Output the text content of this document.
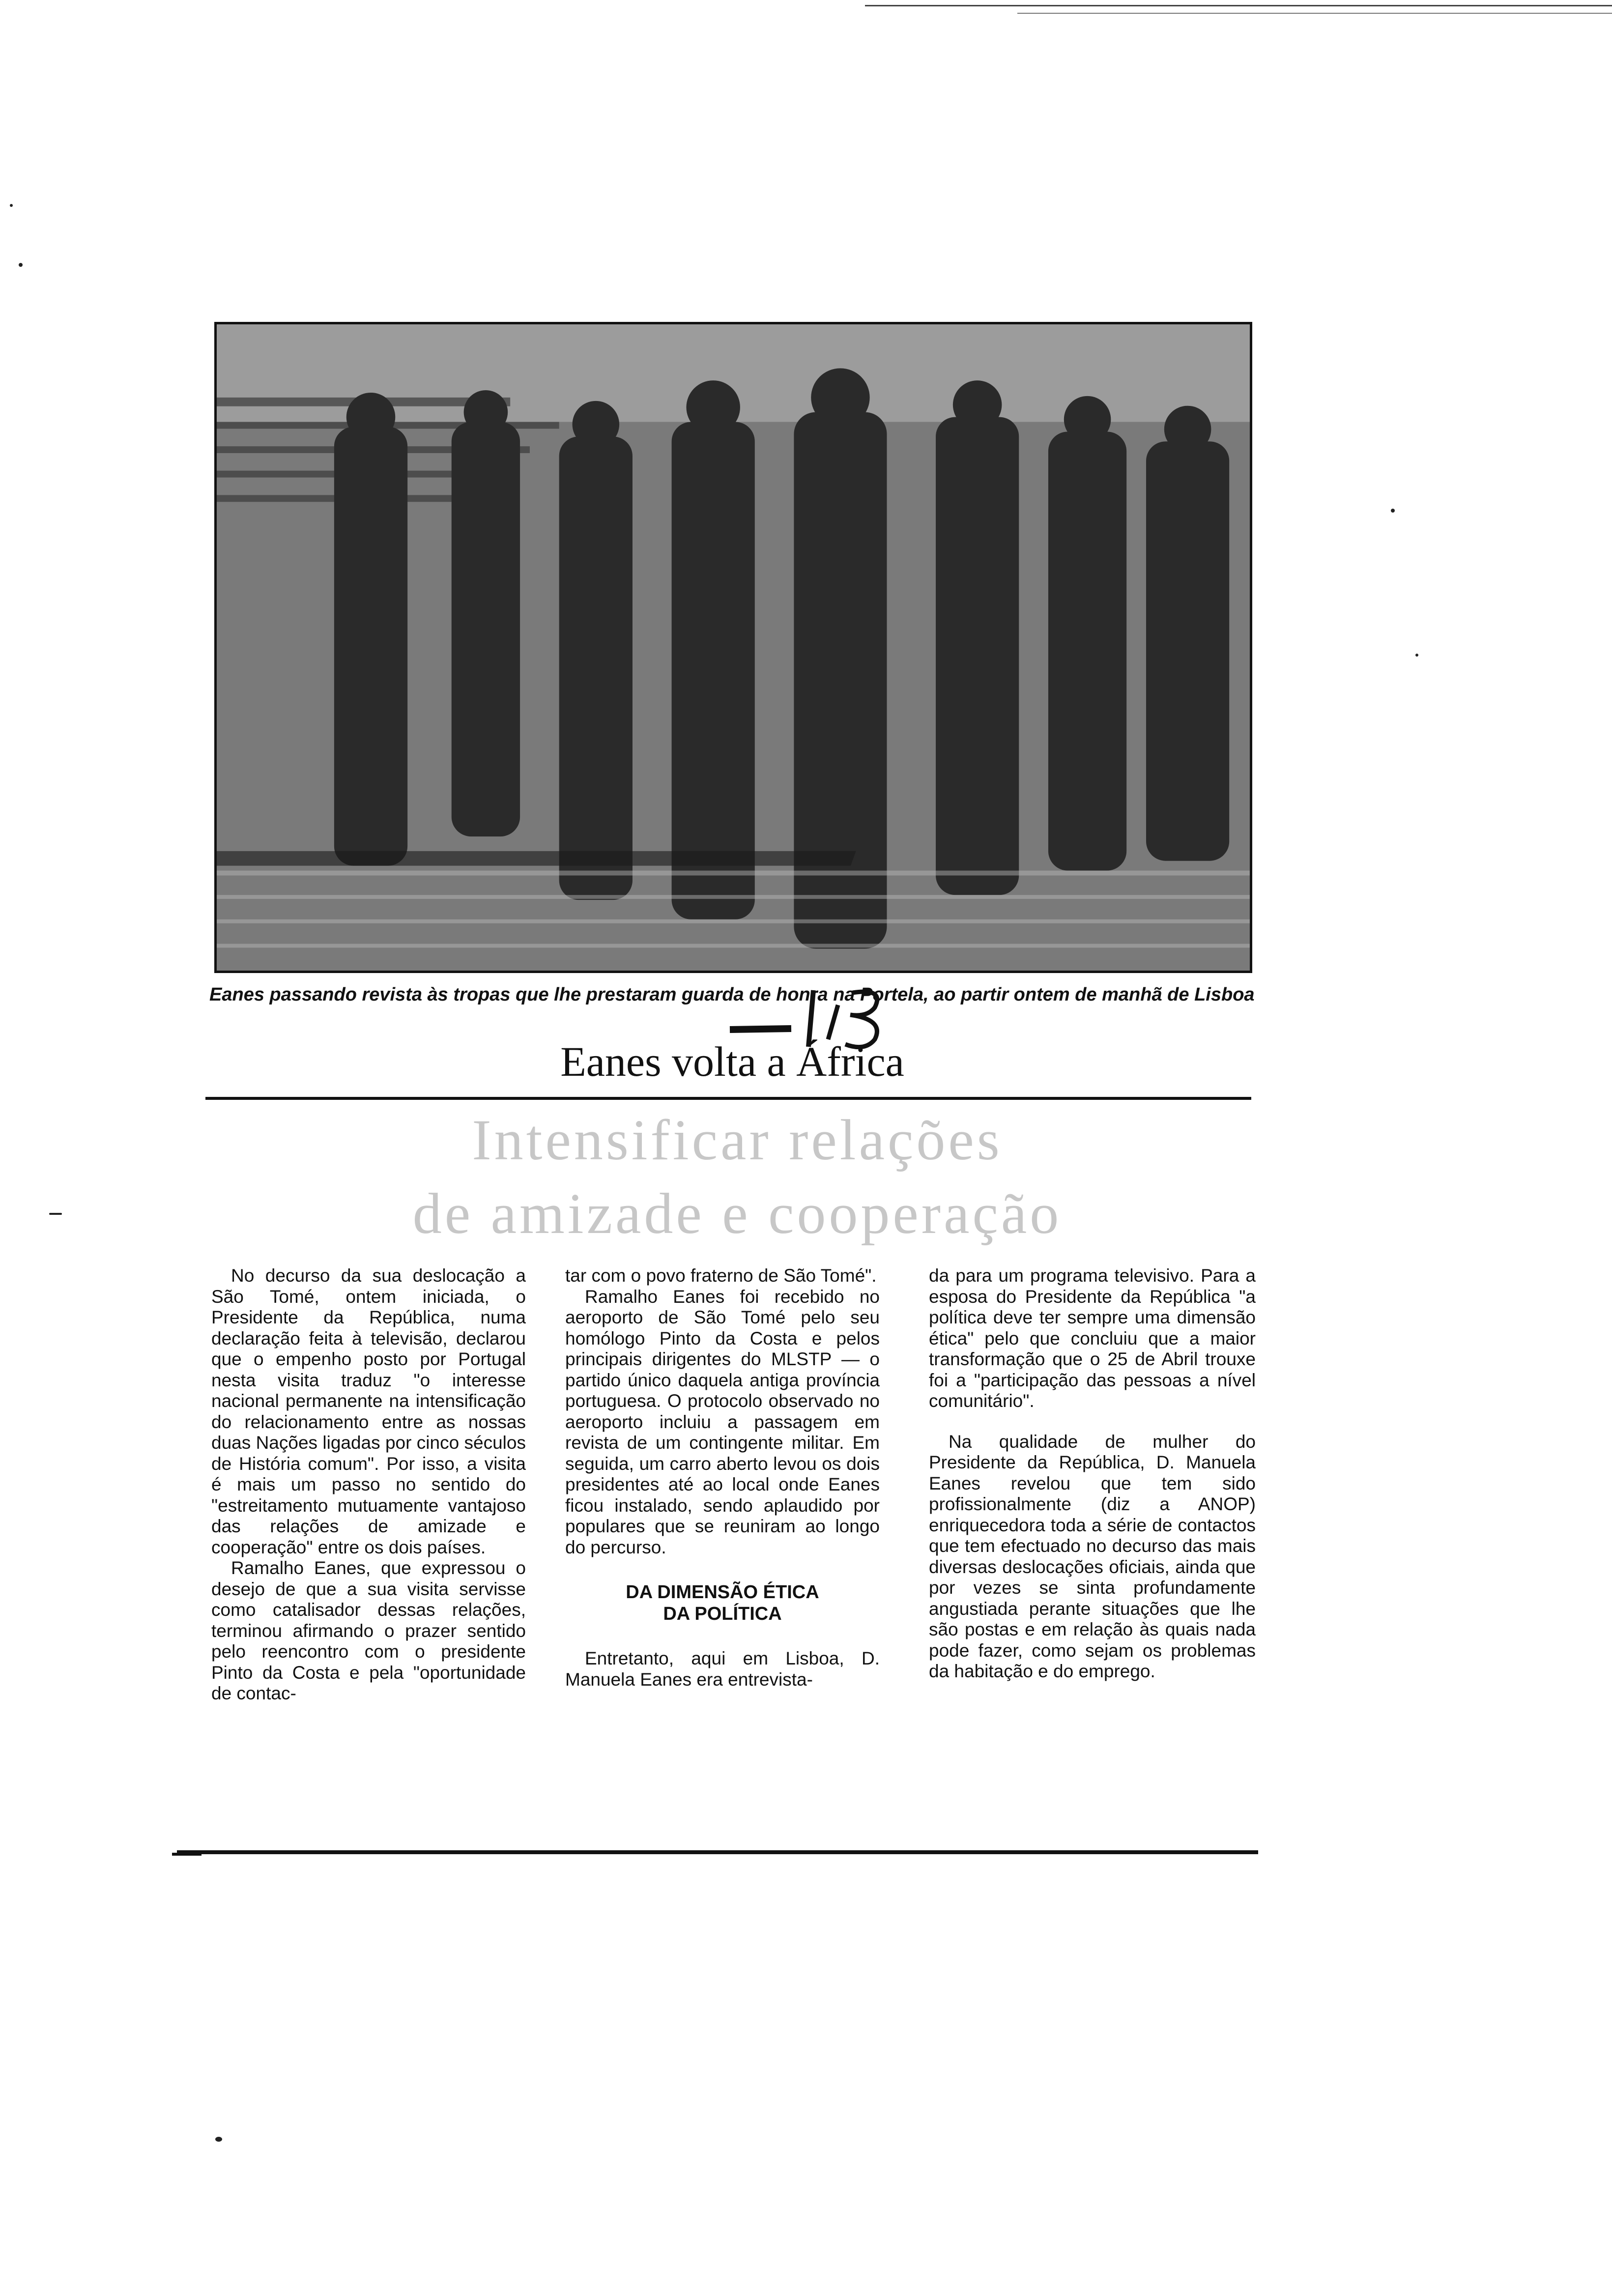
Eanes passando revista às tropas que lhe prestaram guarda de honra na Portela, ao partir ontem de manhã de Lisboa
Eanes volta a África
Intensificar relações
de amizade e cooperação

No decurso da sua deslocação a São Tomé, ontem iniciada, o Presidente da República, numa declaração feita à televisão, declarou que o empenho posto por Portugal nesta visita traduz "o interesse nacional permanente na intensificação do relacionamento entre as nossas duas Nações ligadas por cinco séculos de História comum". Por isso, a visita é mais um passo no sentido do "estreitamento mutuamente vantajoso das relações de amizade e cooperação" entre os dois países.

Ramalho Eanes, que expressou o desejo de que a sua visita servisse como catalisador dessas relações, terminou afirmando o prazer sentido pelo reencontro com o presidente Pinto da Costa e pela "oportunidade de contac-

tar com o povo fraterno de São Tomé".

Ramalho Eanes foi recebido no aeroporto de São Tomé pelo seu homólogo Pinto da Costa e pelos principais dirigentes do MLSTP — o partido único daquela antiga província portuguesa. O protocolo observado no aeroporto incluiu a passagem em revista de um contingente militar. Em seguida, um carro aberto levou os dois presidentes até ao local onde Eanes ficou instalado, sendo aplaudido por populares que se reuniram ao longo do percurso.

DA DIMENSÃO ÉTICA
DA POLÍTICA

Entretanto, aqui em Lisboa, D. Manuela Eanes era entrevista-

da para um programa televisivo. Para a esposa do Presidente da República "a política deve ter sempre uma dimensão ética" pelo que concluiu que a maior transformação que o 25 de Abril trouxe foi a "participação das pessoas a nível comunitário".

Na qualidade de mulher do Presidente da República, D. Manuela Eanes revelou que tem sido profissionalmente (diz a ANOP) enriquecedora toda a série de contactos que tem efectuado no decurso das mais diversas deslocações oficiais, ainda que por vezes se sinta profundamente angustiada perante situações que lhe são postas e em relação às quais nada pode fazer, como sejam os problemas da habitação e do emprego.
